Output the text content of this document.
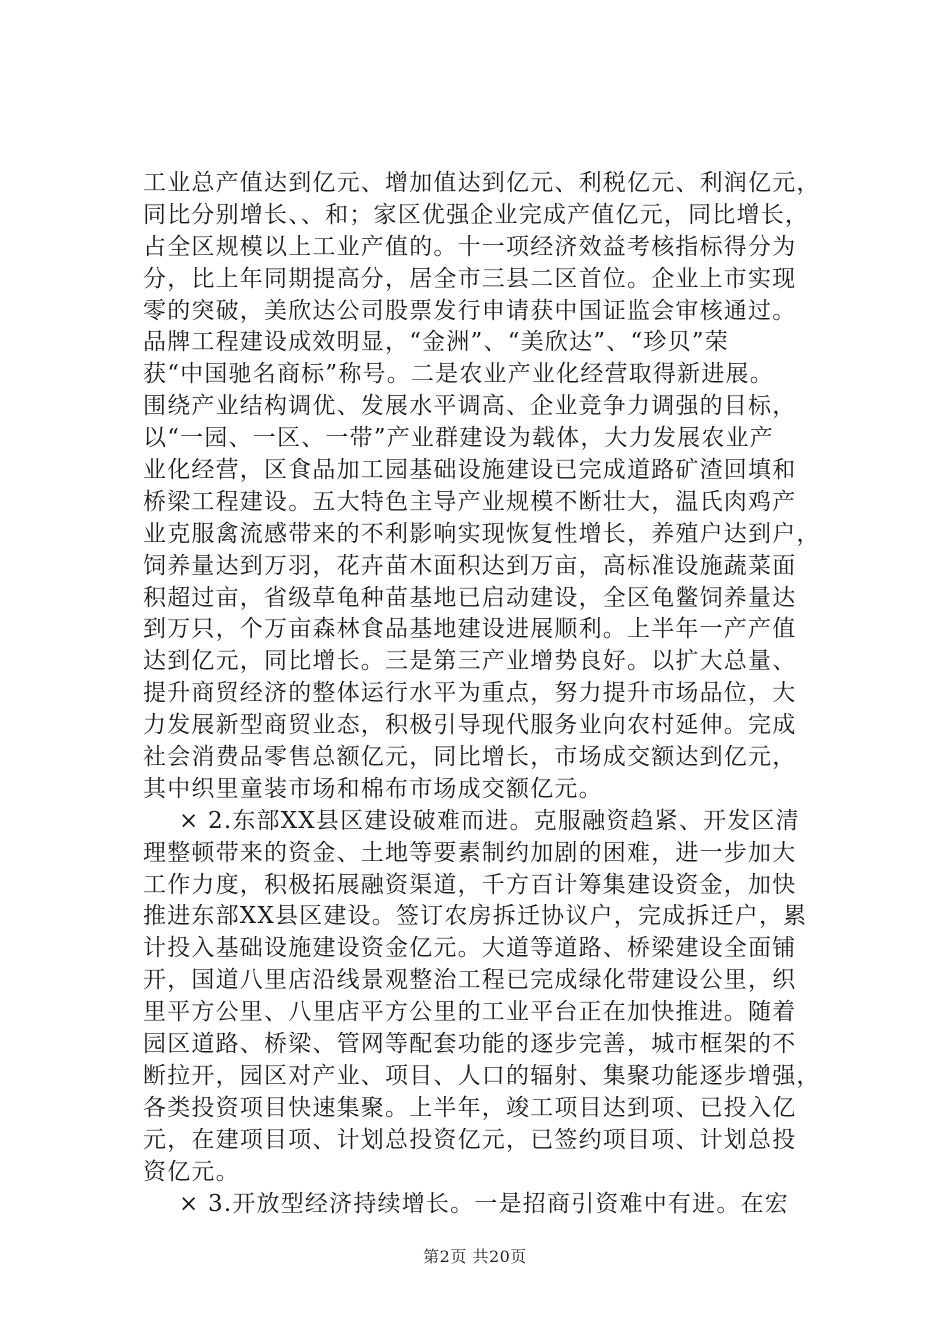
工业总产值达到亿元、增加值达到亿元、利税亿元、利润亿元，
同比分别增长、、和；家区优强企业完成产值亿元，同比增长，
占全区规模以上工业产值的。十一项经济效益考核指标得分为
分，比上年同期提高分，居全市三县二区首位。企业上市实现
零的突破，美欣达公司股票发行申请获中国证监会审核通过。
品牌工程建设成效明显，“金洲”、“美欣达”、“珍贝”荣
获“中国驰名商标”称号。二是农业产业化经营取得新进展。
围绕产业结构调优、发展水平调高、企业竞争力调强的目标，
以“一园、一区、一带”产业群建设为载体，大力发展农业产
业化经营，区食品加工园基础设施建设已完成道路矿渣回填和
桥梁工程建设。五大特色主导产业规模不断壮大，温氏肉鸡产
业克服禽流感带来的不利影响实现恢复性增长，养殖户达到户，
饲养量达到万羽，花卉苗木面积达到万亩，高标准设施蔬菜面
积超过亩，省级草龟种苗基地已启动建设，全区龟鳖饲养量达
到万只，个万亩森林食品基地建设进展顺利。上半年一产产值
达到亿元，同比增长。三是第三产业增势良好。以扩大总量、
提升商贸经济的整体运行水平为重点，努力提升市场品位，大
力发展新型商贸业态，积极引导现代服务业向农村延伸。完成
社会消费品零售总额亿元，同比增长，市场成交额达到亿元，
其中织里童装市场和棉布市场成交额亿元。
× 2.东部XX县区建设破难而进。克服融资趋紧、开发区清
理整顿带来的资金、土地等要素制约加剧的困难，进一步加大
工作力度，积极拓展融资渠道，千方百计筹集建设资金，加快
推进东部XX县区建设。签订农房拆迁协议户，完成拆迁户，累
计投入基础设施建设资金亿元。大道等道路、桥梁建设全面铺
开，国道八里店沿线景观整治工程已完成绿化带建设公里，织
里平方公里、八里店平方公里的工业平台正在加快推进。随着
园区道路、桥梁、管网等配套功能的逐步完善，城市框架的不
断拉开，园区对产业、项目、人口的辐射、集聚功能逐步增强，
各类投资项目快速集聚。上半年，竣工项目达到项、已投入亿
元，在建项目项、计划总投资亿元，已签约项目项、计划总投
资亿元。
× 3.开放型经济持续增长。一是招商引资难中有进。在宏
第2页 共20页
